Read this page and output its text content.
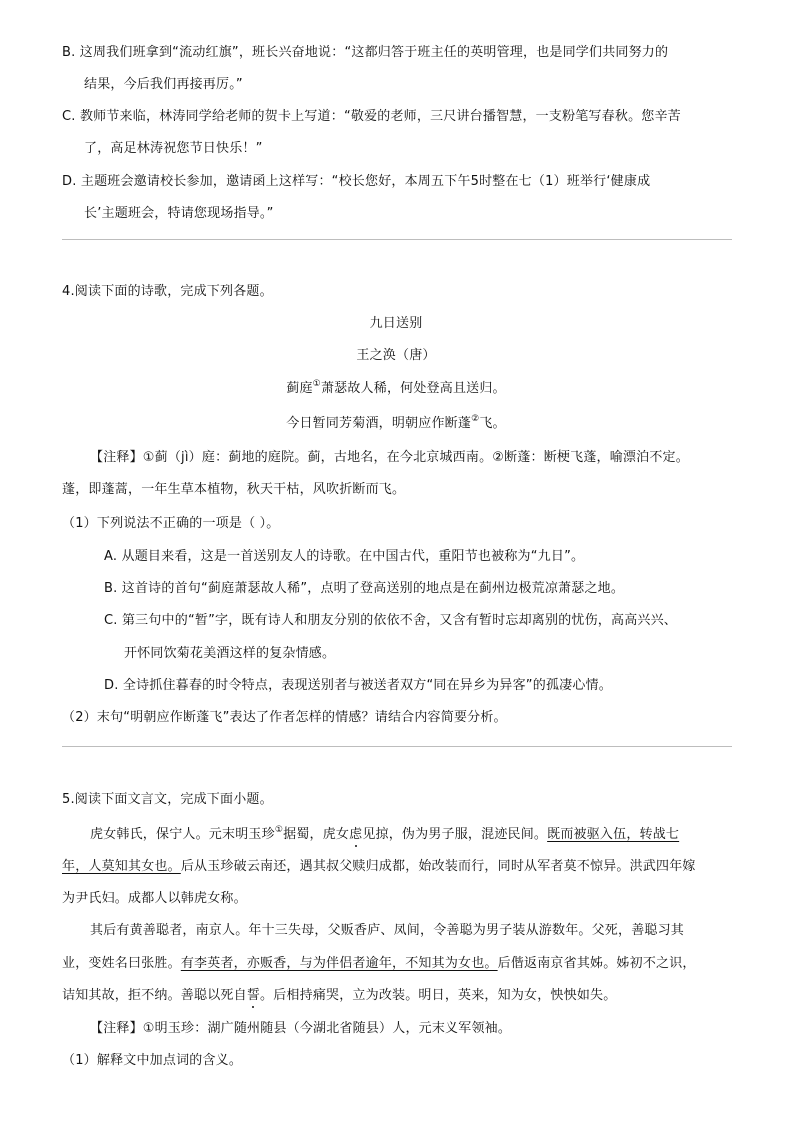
B. 这周我们班拿到“流动红旗”，班长兴奋地说：“这都归答于班主任的英明管理，也是同学们共同努力的
结果，今后我们再接再厉。”
C. 教师节来临，林涛同学给老师的贺卡上写道：“敬爱的老师，三尺讲台播智慧，一支粉笔写春秋。您辛苦
了，高足林涛祝您节日快乐！”
D. 主题班会邀请校长参加，邀请函上这样写：“校长您好，本周五下午5时整在七（1）班举行‘健康成
长’主题班会，特请您现场指导。”
4.阅读下面的诗歌，完成下列各题。
九日送别
王之涣（唐）
蓟庭①萧瑟故人稀，何处登高且送归。
今日暂同芳菊酒，明朝应作断蓬②飞。
【注释】①蓟（jì）庭：蓟地的庭院。蓟，古地名，在今北京城西南。②断蓬：断梗飞蓬，喻漂泊不定。
蓬，即蓬蒿，一年生草本植物，秋天干枯，风吹折断而飞。
（1）下列说法不正确的一项是（ ）。
A. 从题目来看，这是一首送别友人的诗歌。在中国古代，重阳节也被称为“九日”。
B. 这首诗的首句“蓟庭萧瑟故人稀”，点明了登高送别的地点是在蓟州边极荒凉萧瑟之地。
C. 第三句中的“暂”字，既有诗人和朋友分别的依依不舍，又含有暂时忘却离别的忧伤，高高兴兴、
开怀同饮菊花美酒这样的复杂情感。
D. 全诗抓住暮春的时令特点，表现送别者与被送者双方“同在异乡为异客”的孤凄心情。
（2）末句“明朝应作断蓬飞”表达了作者怎样的情感？请结合内容简要分析。
5.阅读下面文言文，完成下面小题。
虎女韩氏，保宁人。元末明玉珍①据蜀，虎女虑见掠，伪为男子服，混迹民间。既而被驱入伍，转战七
年，人莫知其女也。后从玉珍破云南还，遇其叔父赎归成都，始改装而行，同时从军者莫不惊异。洪武四年嫁
为尹氏妇。成都人以韩虎女称。
其后有黄善聪者，南京人。年十三失母，父贩香庐、凤间，令善聪为男子装从游数年。父死，善聪习其
业，变姓名曰张胜。有李英者，亦贩香，与为伴侣者逾年，不知其为女也。后偕返南京省其姊。姊初不之识，
诘知其故，拒不纳。善聪以死自誓。后相持痛哭，立为改装。明日，英来，知为女，怏怏如失。
【注释】①明玉珍：湖广随州随县（今湖北省随县）人，元末义军领袖。
（1）解释文中加点词的含义。
